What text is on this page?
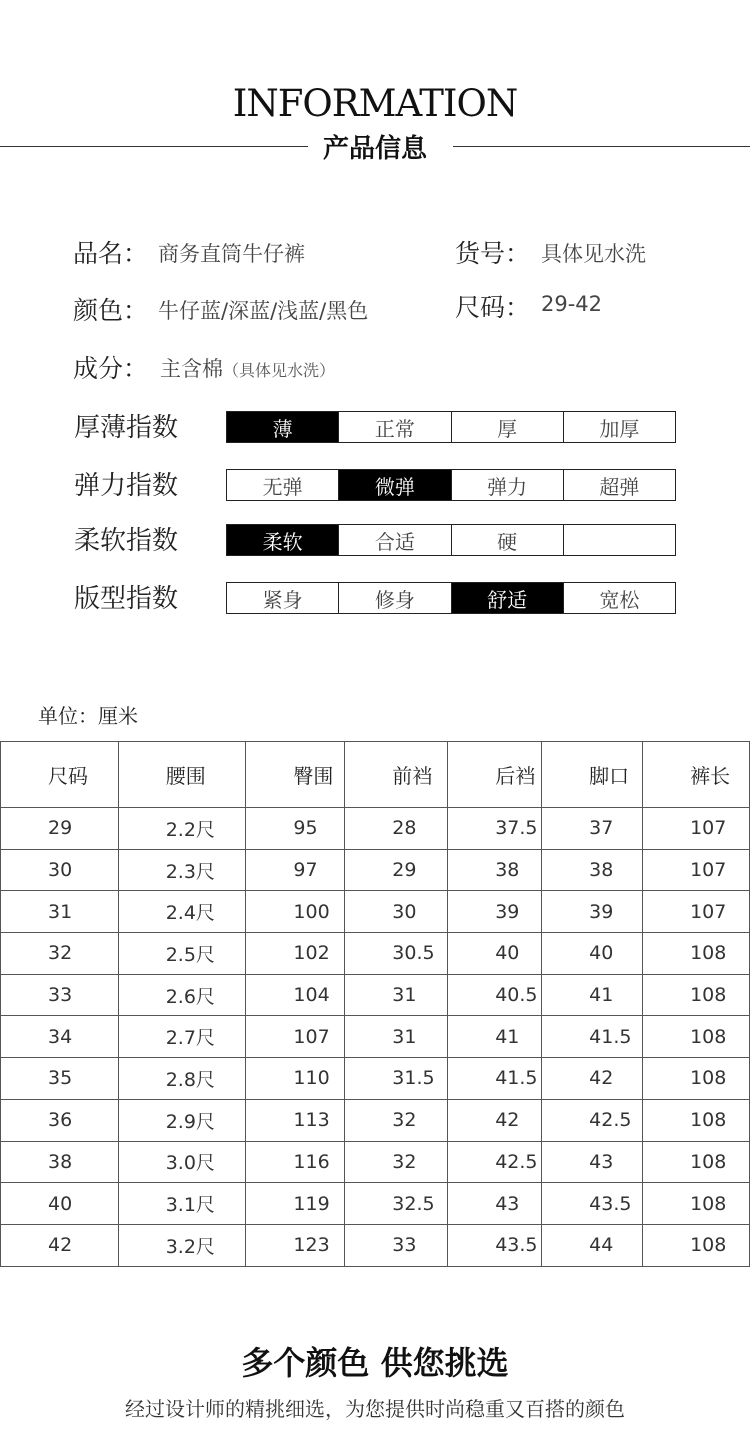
INFORMATION
产品信息
品名： 商务直筒牛仔裤	货号： 具体见水洗
颜色： 牛仔蓝/深蓝/浅蓝/黑色	尺码： 29-42
成分： 主含棉（具体见水洗）
厚薄指数	薄	正常	厚	加厚
弹力指数	无弹	微弹	弹力	超弹
柔软指数	柔软	合适	硬
版型指数	紧身	修身	舒适	宽松
单位：厘米
尺码	腰围	臀围	前裆	后裆	脚口	裤长
29	2.2尺	95	28	37.5	37	107
30	2.3尺	97	29	38	38	107
31	2.4尺	100	30	39	39	107
32	2.5尺	102	30.5	40	40	108
33	2.6尺	104	31	40.5	41	108
34	2.7尺	107	31	41	41.5	108
35	2.8尺	110	31.5	41.5	42	108
36	2.9尺	113	32	42	42.5	108
38	3.0尺	116	32	42.5	43	108
40	3.1尺	119	32.5	43	43.5	108
42	3.2尺	123	33	43.5	44	108
多个颜色 供您挑选
经过设计师的精挑细选，为您提供时尚稳重又百搭的颜色
